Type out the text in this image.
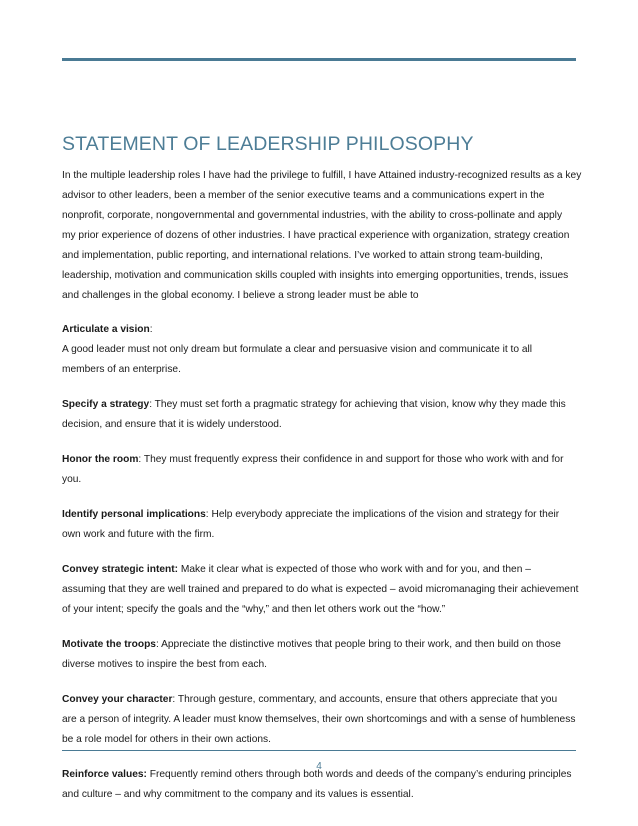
STATEMENT OF LEADERSHIP PHILOSOPHY

In the multiple leadership roles I have had the privilege to fulfill, I have Attained industry-recognized results as a key
advisor to other leaders, been a member of the senior executive teams and a communications expert in the
nonprofit, corporate, nongovernmental and governmental industries, with the ability to cross-pollinate and apply
my prior experience of dozens of other industries. I have practical experience with organization, strategy creation
and implementation, public reporting, and international relations. I’ve worked to attain strong team-building,
leadership, motivation and communication skills coupled with insights into emerging opportunities, trends, issues
and challenges in the global economy. I believe a strong leader must be able to

Articulate a vision:
A good leader must not only dream but formulate a clear and persuasive vision and communicate it to all
members of an enterprise.

Specify a strategy: They must set forth a pragmatic strategy for achieving that vision, know why they made this
decision, and ensure that it is widely understood.

Honor the room: They must frequently express their confidence in and support for those who work with and for
you.

Identify personal implications: Help everybody appreciate the implications of the vision and strategy for their
own work and future with the firm.

Convey strategic intent: Make it clear what is expected of those who work with and for you, and then –
assuming that they are well trained and prepared to do what is expected – avoid micromanaging their achievement
of your intent; specify the goals and the “why,” and then let others work out the “how.”

Motivate the troops: Appreciate the distinctive motives that people bring to their work, and then build on those
diverse motives to inspire the best from each.

Convey your character: Through gesture, commentary, and accounts, ensure that others appreciate that you
are a person of integrity. A leader must know themselves, their own shortcomings and with a sense of humbleness
be a role model for others in their own actions.

Reinforce values: Frequently remind others through both words and deeds of the company’s enduring principles
and culture – and why commitment to the company and its values is essential.

4
